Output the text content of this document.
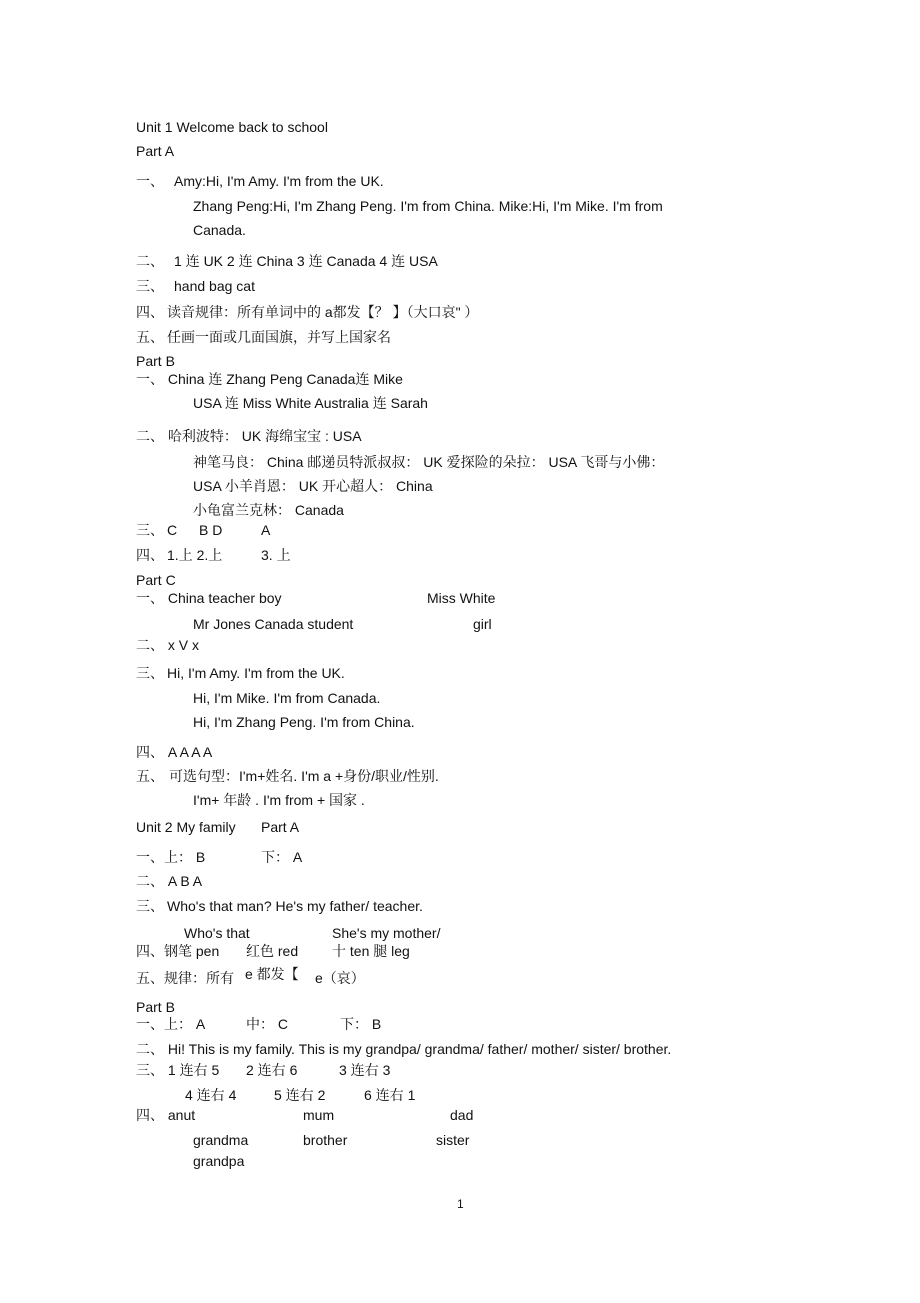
Unit 1 Welcome back to school
Part A
一、 Amy:Hi, I'm Amy. I'm from the UK.
Zhang Peng:Hi, I'm Zhang Peng. I'm from China. Mike:Hi, I'm Mike. I'm from
Canada.
二、 1 连 UK 2 连 China 3 连 Canada 4 连 USA
三、 hand bag cat
四、 读音规律：所有单词中的 a都发【？ 】（大口哀" ）
五、 任画一面或几面国旗，并写上国家名
Part B
一、 China 连 Zhang Peng Canada连 Mike
USA 连 Miss White Australia 连 Sarah
二、 哈利波特： UK 海绵宝宝 : USA
神笔马良： China 邮递员特派叔叔： UK 爱探险的朵拉： USA 飞哥与小佛：
USA 小羊肖恩： UK 开心超人： China
小龟富兰克林： Canada
三、 C B D	A
四、 1.上 2.上	3. 上
Part C
一、 China teacher boy	Miss White
Mr Jones Canada student	girl
二、 x V x
三、 Hi, I'm Amy. I'm from the UK.
Hi, I'm Mike. I'm from Canada.
Hi, I'm Zhang Peng. I'm from China.
四、 A A A A
五、 可选句型：I'm+姓名. I'm a +身份/职业/性别.
I'm+ 年龄 . I'm from + 国家 .
Unit 2 My family Part A
一、上： B	下： A
二、 A B A
三、 Who's that man? He's my father/ teacher.
Who's that	She's my mother/
四、钢笔 pen 红色 red 十 ten 腿 leg
五、规律：所有 e 都发【 e（哀）
Part B
一、上： A	中： C	下： B
二、 Hi! This is my family. This is my grandpa/ grandma/ father/ mother/ sister/ brother.
三、 1 连右 5 2 连右 6	3 连右 3
4 连右 4	5 连右 2	6 连右 1
四、 anut	mum	dad
grandma	brother	sister
grandpa
1
